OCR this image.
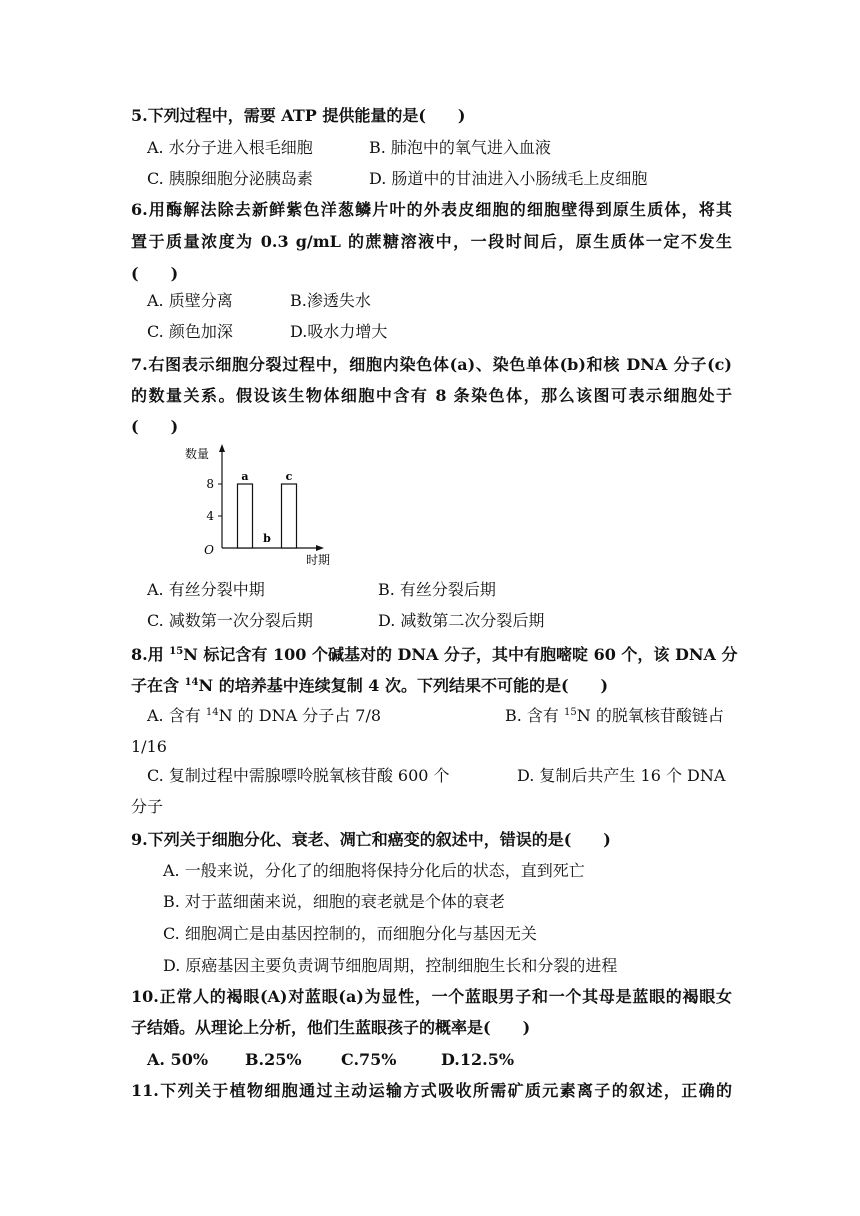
5.下列过程中，需要 ATP 提供能量的是(　　)
A. 水分子进入根毛细胞	B. 肺泡中的氧气进入血液
C. 胰腺细胞分泌胰岛素	D. 肠道中的甘油进入小肠绒毛上皮细胞
6.用酶解法除去新鲜紫色洋葱鳞片叶的外表皮细胞的细胞壁得到原生质体，将其
置于质量浓度为 0.3 g/mL 的蔗糖溶液中，一段时间后，原生质体一定不发生
(　　)
A. 质壁分离	B.渗透失水
C. 颜色加深	D.吸水力增大
7.右图表示细胞分裂过程中，细胞内染色体(a)、染色单体(b)和核 DNA 分子(c)
的数量关系。假设该生物体细胞中含有 8 条染色体，那么该图可表示细胞处于
(　　)
数量
时期
O
4
8
a
b
c
A. 有丝分裂中期	B. 有丝分裂后期
C. 减数第一次分裂后期	D. 减数第二次分裂后期
8.用 $^{15}$N 标记含有 100 个碱基对的 DNA 分子，其中有胞嘧啶 60 个，该 DNA 分
子在含 $^{14}$N 的培养基中连续复制 4 次。下列结果不可能的是(　　)
A. 含有 $^{14}$N 的 DNA 分子占 7/8	B. 含有 $^{15}$N 的脱氧核苷酸链占
1/16
C. 复制过程中需腺嘌呤脱氧核苷酸 600 个	D. 复制后共产生 16 个 DNA
分子
9.下列关于细胞分化、衰老、凋亡和癌变的叙述中，错误的是(　　)
A. 一般来说，分化了的细胞将保持分化后的状态，直到死亡
B. 对于蓝细菌来说，细胞的衰老就是个体的衰老
C. 细胞凋亡是由基因控制的，而细胞分化与基因无关
D. 原癌基因主要负责调节细胞周期，控制细胞生长和分裂的进程
10.正常人的褐眼(A)对蓝眼(a)为显性，一个蓝眼男子和一个其母是蓝眼的褐眼女
子结婚。从理论上分析，他们生蓝眼孩子的概率是(　　)
A. 50% B.25% C.75%	D.12.5%
11.下列关于植物细胞通过主动运输方式吸收所需矿质元素离子的叙述，正确的
